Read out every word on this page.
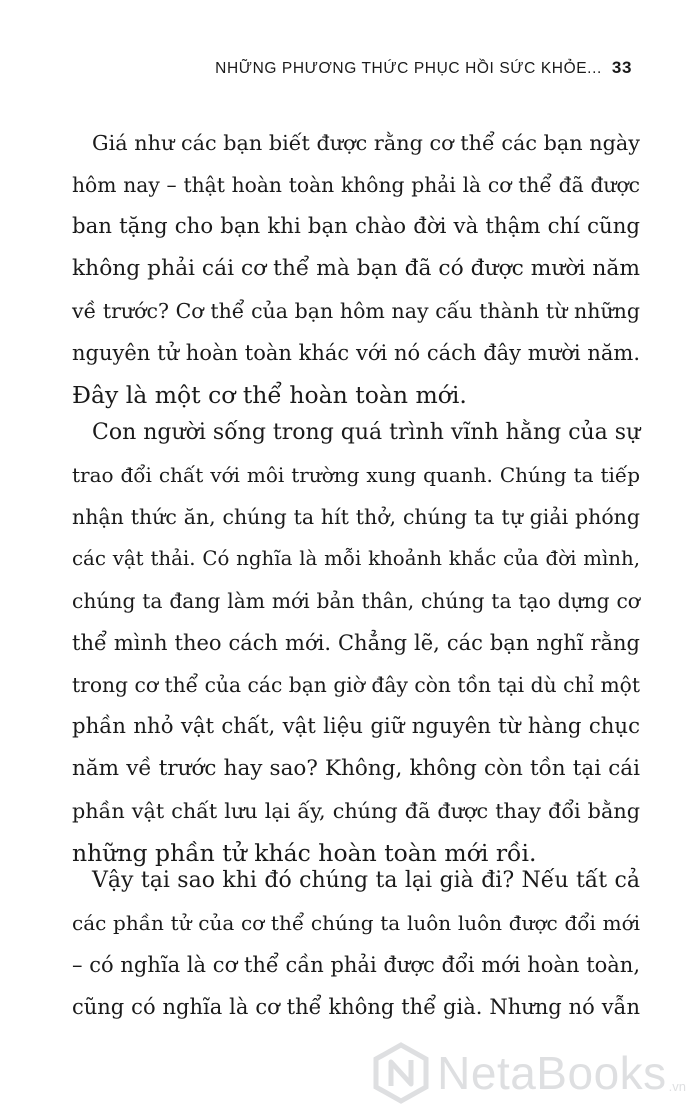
NHỮNG PHƯƠNG THỨC PHỤC HỒI SỨC KHỎE... 33
Giá như các bạn biết được rằng cơ thể các bạn ngày
hôm nay – thật hoàn toàn không phải là cơ thể đã được
ban tặng cho bạn khi bạn chào đời và thậm chí cũng
không phải cái cơ thể mà bạn đã có được mười năm
về trước? Cơ thể của bạn hôm nay cấu thành từ những
nguyên tử hoàn toàn khác với nó cách đây mười năm.
Đây là một cơ thể hoàn toàn mới.
Con người sống trong quá trình vĩnh hằng của sự
trao đổi chất với môi trường xung quanh. Chúng ta tiếp
nhận thức ăn, chúng ta hít thở, chúng ta tự giải phóng
các vật thải. Có nghĩa là mỗi khoảnh khắc của đời mình,
chúng ta đang làm mới bản thân, chúng ta tạo dựng cơ
thể mình theo cách mới. Chẳng lẽ, các bạn nghĩ rằng
trong cơ thể của các bạn giờ đây còn tồn tại dù chỉ một
phần nhỏ vật chất, vật liệu giữ nguyên từ hàng chục
năm về trước hay sao? Không, không còn tồn tại cái
phần vật chất lưu lại ấy, chúng đã được thay đổi bằng
những phần tử khác hoàn toàn mới rồi.
Vậy tại sao khi đó chúng ta lại già đi? Nếu tất cả
các phần tử của cơ thể chúng ta luôn luôn được đổi mới
– có nghĩa là cơ thể cần phải được đổi mới hoàn toàn,
cũng có nghĩa là cơ thể không thể già. Nhưng nó vẫn
NetaBooks .vn
